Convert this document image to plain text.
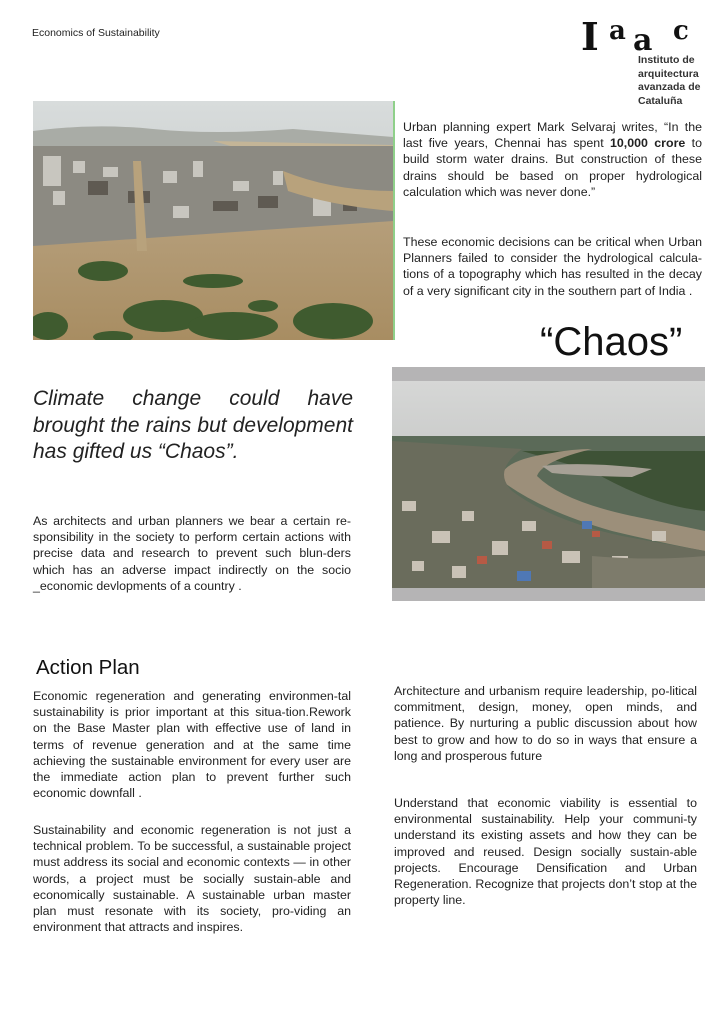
Economics of Sustainability	I a a c
Instituto de
arquitectura
avanzada de
Cataluña
Urban planning expert Mark Selvaraj writes, “In the last five years, Chennai has spent 10,000 crore to build storm water drains. But construction of these drains should be based on proper hydrological calculation which was never done.”
These economic decisions can be critical when Urban Planners failed to consider the hydrological calcula-tions of a topography which has resulted in the decay of a very significant city in the southern part of India .
“Chaos”
Climate change could have brought the rains but development has gifted us “Chaos”.
As architects and urban planners we bear a certain re-sponsibility in the society to perform certain actions with precise data and research to prevent such blun-ders which has an adverse impact indirectly on the socio _economic devlopments of a country .
Action Plan
Economic regeneration and generating environmen-tal sustainability is prior important at this situa-tion.Rework on the Base Master plan with effective use of land in terms of revenue generation and at the same time achieving the sustainable environment for every user are the immediate action plan to prevent further such economic downfall .
Sustainability and economic regeneration is not just a technical problem. To be successful, a sustainable project must address its social and economic contexts — in other words, a project must be socially sustain-able and economically sustainable. A sustainable urban master plan must resonate with its society, pro-viding an environment that attracts and inspires.
Architecture and urbanism require leadership, po-litical commitment, design, money, open minds, and patience. By nurturing a public discussion about how best to grow and how to do so in ways that ensure a long and prosperous future
Understand that economic viability is essential to environmental sustainability. Help your communi-ty understand its existing assets and how they can be improved and reused. Design socially sustain-able projects. Encourage Densification and Urban Regeneration. Recognize that projects don’t stop at the property line.
